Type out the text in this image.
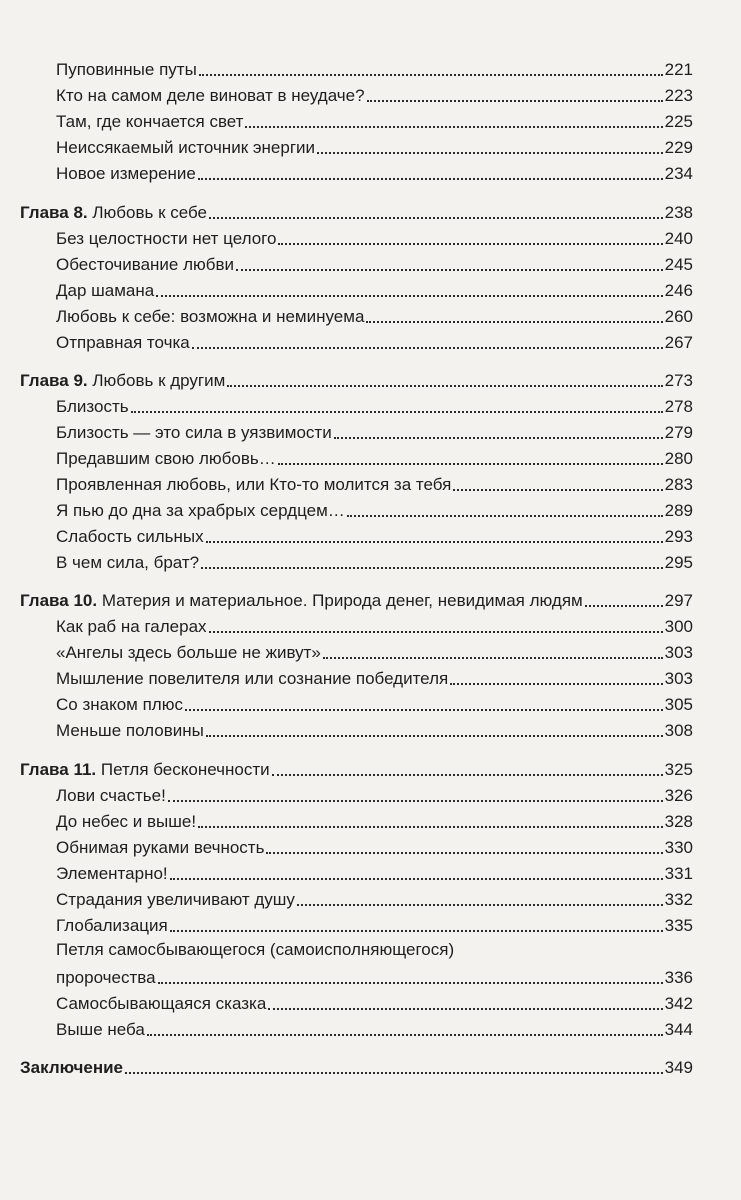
Пуповинные путы	221
Кто на самом деле виноват в неудаче?	223
Там, где кончается свет	225
Неиссякаемый источник энергии	229
Новое измерение	234
Глава 8. Любовь к себе	238
Без целостности нет целого	240
Обесточивание любви	245
Дар шамана	246
Любовь к себе: возможна и неминуема	260
Отправная точка	267
Глава 9. Любовь к другим	273
Близость	278
Близость — это сила в уязвимости	279
Предавшим свою любовь…	280
Проявленная любовь, или Кто-то молится за тебя	283
Я пью до дна за храбрых сердцем…	289
Слабость сильных	293
В чем сила, брат?	295
Глава 10. Материя и материальное. Природа денег, невидимая людям	297
Как раб на галерах	300
«Ангелы здесь больше не живут»	303
Мышление повелителя или сознание победителя	303
Со знаком плюс	305
Меньше половины	308
Глава 11. Петля бесконечности	325
Лови счастье!	326
До небес и выше!	328
Обнимая руками вечность	330
Элементарно!	331
Страдания увеличивают душу	332
Глобализация	335
Петля самосбывающегося (самоисполняющегося)
пророчества	336
Самосбывающаяся сказка	342
Выше неба	344
Заключение	349
